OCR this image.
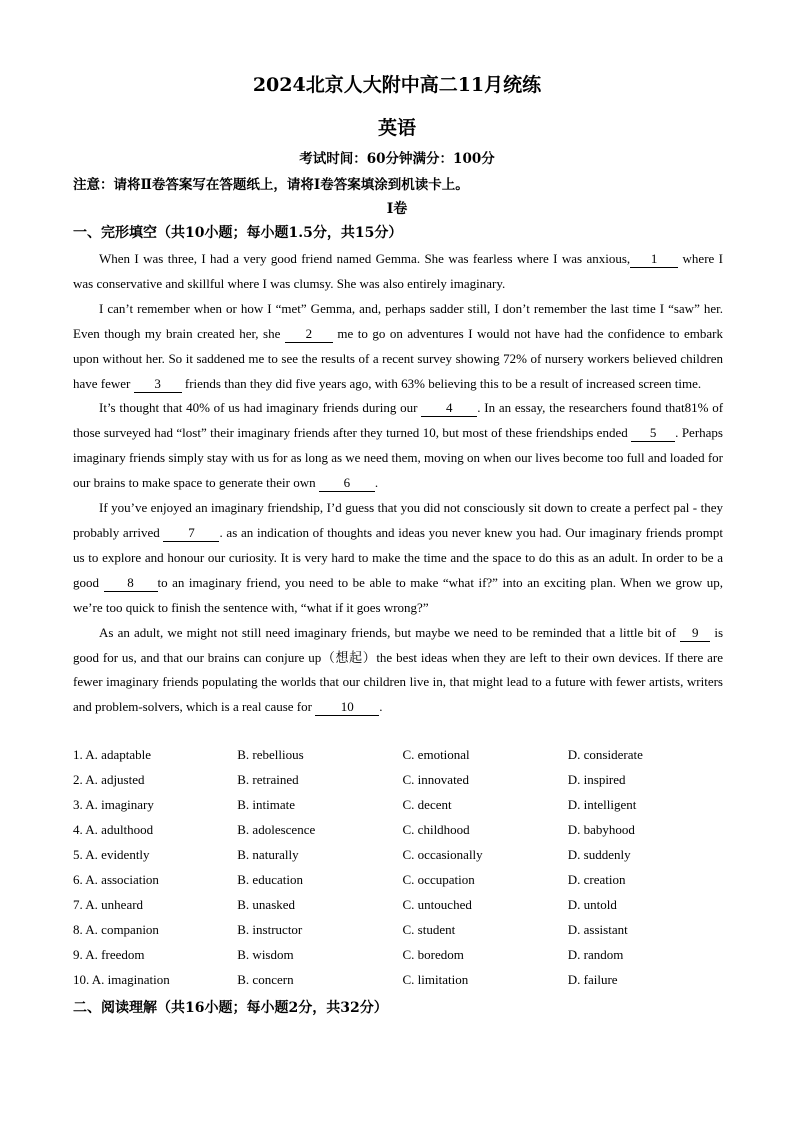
2024北京人大附中高二11月统练
英语
考试时间：60分钟满分：100分
注意：请将Ⅱ卷答案写在答题纸上，请将Ⅰ卷答案填涂到机读卡上。
Ⅰ卷
一、完形填空（共10小题；每小题1.5分，共15分）

When I was three, I had a very good friend named Gemma. She was fearless where I was anxious, 1 where I was conservative and skillful where I was clumsy. She was also entirely imaginary.

I can’t remember when or how I “met” Gemma, and, perhaps sadder still, I don’t remember the last time I “saw” her. Even though my brain created her, she 2 me to go on adventures I would not have had the confidence to embark upon without her. So it saddened me to see the results of a recent survey showing 72% of nursery workers believed children have fewer 3 friends than they did five years ago, with 63% believing this to be a result of increased screen time.

It’s thought that 40% of us had imaginary friends during our 4 . In an essay, the researchers found that81% of those surveyed had “lost” their imaginary friends after they turned 10, but most of these friendships ended 5 . Perhaps imaginary friends simply stay with us for as long as we need them, moving on when our lives become too full and loaded for our brains to make space to generate their own 6 .

If you’ve enjoyed an imaginary friendship, I’d guess that you did not consciously sit down to create a perfect pal - they probably arrived 7 . as an indication of thoughts and ideas you never knew you had. Our imaginary friends prompt us to explore and honour our curiosity. It is very hard to make the time and the space to do this as an adult. In order to be a good 8 to an imaginary friend, you need to be able to make “what if?” into an exciting plan. When we grow up, we’re too quick to finish the sentence with, “what if it goes wrong?”

As an adult, we might not still need imaginary friends, but maybe we need to be reminded that a little bit of 9 is good for us, and that our brains can conjure up（想起）the best ideas when they are left to their own devices. If there are fewer imaginary friends populating the worlds that our children live in, that might lead to a future with fewer artists, writers and problem-solvers, which is a real cause for 10 .

1. A. adaptable	B. rebellious	C. emotional	D. considerate
2. A. adjusted	B. retrained	C. innovated	D. inspired
3. A. imaginary	B. intimate	C. decent	D. intelligent
4. A. adulthood	B. adolescence	C. childhood	D. babyhood
5. A. evidently	B. naturally	C. occasionally	D. suddenly
6. A. association	B. education	C. occupation	D. creation
7. A. unheard	B. unasked	C. untouched	D. untold
8. A. companion	B. instructor	C. student	D. assistant
9. A. freedom	B. wisdom	C. boredom	D. random
10. A. imagination	B. concern	C. limitation	D. failure
二、阅读理解（共16小题；每小题2分，共32分）
